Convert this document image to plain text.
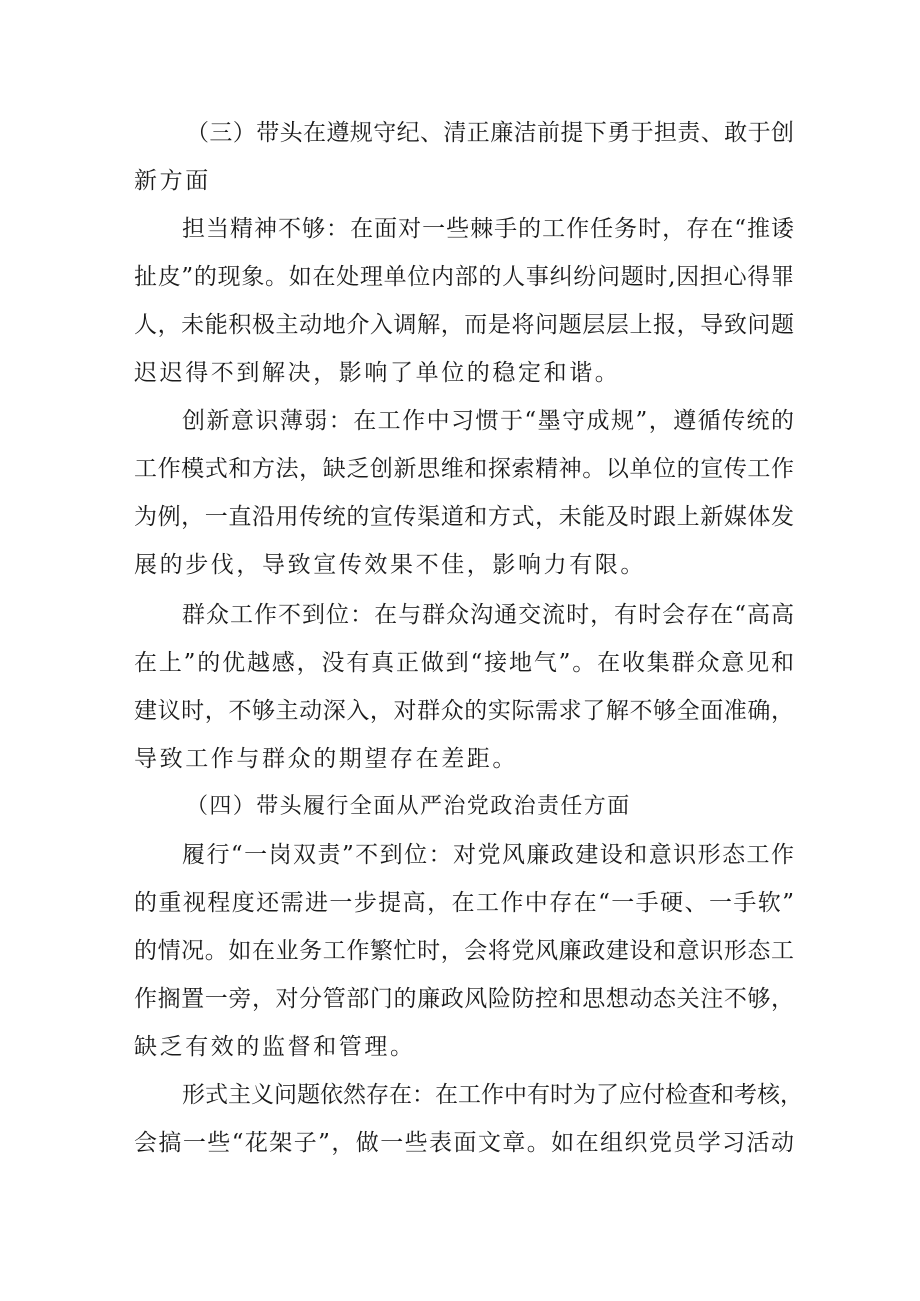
（三）带头在遵规守纪、清正廉洁前提下勇于担责、敢于创
新方面
担当精神不够：在面对一些棘手的工作任务时，存在“推诿
扯皮”的现象。如在处理单位内部的人事纠纷问题时,因担心得罪
人，未能积极主动地介入调解，而是将问题层层上报，导致问题
迟迟得不到解决，影响了单位的稳定和谐。
创新意识薄弱：在工作中习惯于“墨守成规”，遵循传统的
工作模式和方法，缺乏创新思维和探索精神。以单位的宣传工作
为例，一直沿用传统的宣传渠道和方式，未能及时跟上新媒体发
展的步伐，导致宣传效果不佳，影响力有限。
群众工作不到位：在与群众沟通交流时，有时会存在“高高
在上”的优越感，没有真正做到“接地气”。在收集群众意见和
建议时，不够主动深入，对群众的实际需求了解不够全面准确，
导致工作与群众的期望存在差距。
（四）带头履行全面从严治党政治责任方面
履行“一岗双责”不到位：对党风廉政建设和意识形态工作
的重视程度还需进一步提高，在工作中存在“一手硬、一手软”
的情况。如在业务工作繁忙时，会将党风廉政建设和意识形态工
作搁置一旁，对分管部门的廉政风险防控和思想动态关注不够，
缺乏有效的监督和管理。
形式主义问题依然存在：在工作中有时为了应付检查和考核，
会搞一些“花架子”，做一些表面文章。如在组织党员学习活动
